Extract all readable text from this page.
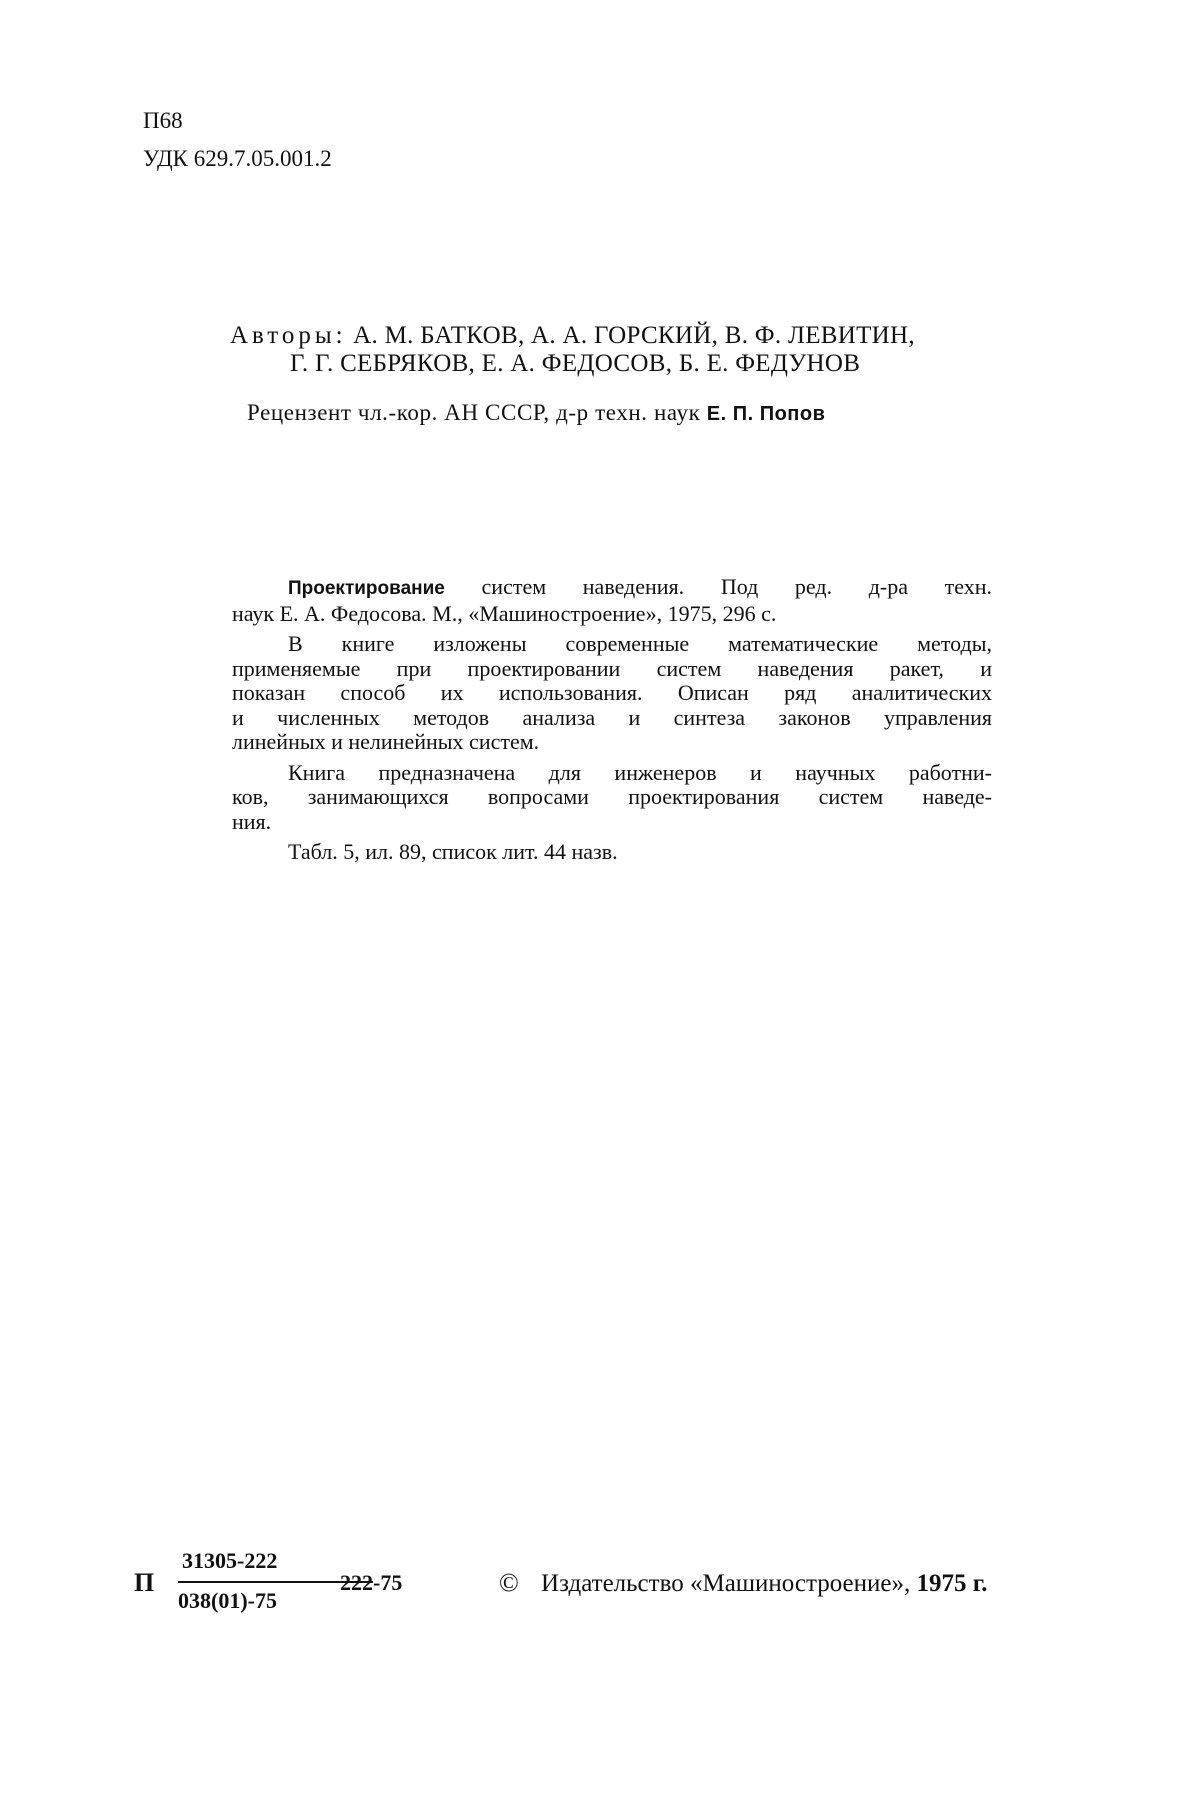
П68
УДК 629.7.05.001.2
Авторы: А. М. БАТКОВ, А. А. ГОРСКИЙ, В. Ф. ЛЕВИТИН,
Г. Г. СЕБРЯКОВ, Е. А. ФЕДОСОВ, Б. Е. ФЕДУНОВ
Рецензент чл.-кор. АН СССР, д-р техн. наук Е. П. Попов

Проектирование систем наведения. Под ред. д-ра техн.
наук Е. А. Федосова. М., «Машиностроение», 1975, 296 с.

В книге изложены современные математические методы,
применяемые при проектировании систем наведения ракет, и
показан способ их использования. Описан ряд аналитических
и численных методов анализа и синтеза законов управления
линейных и нелинейных систем.

Книга предназначена для инженеров и научных работни-
ков, занимающихся вопросами проектирования систем наведе-
ния.

Табл. 5, ил. 89, список лит. 44 назв.

П
31305-222
038(01)-75
222-75	© Издательство «Машиностроение», 1975 г.
